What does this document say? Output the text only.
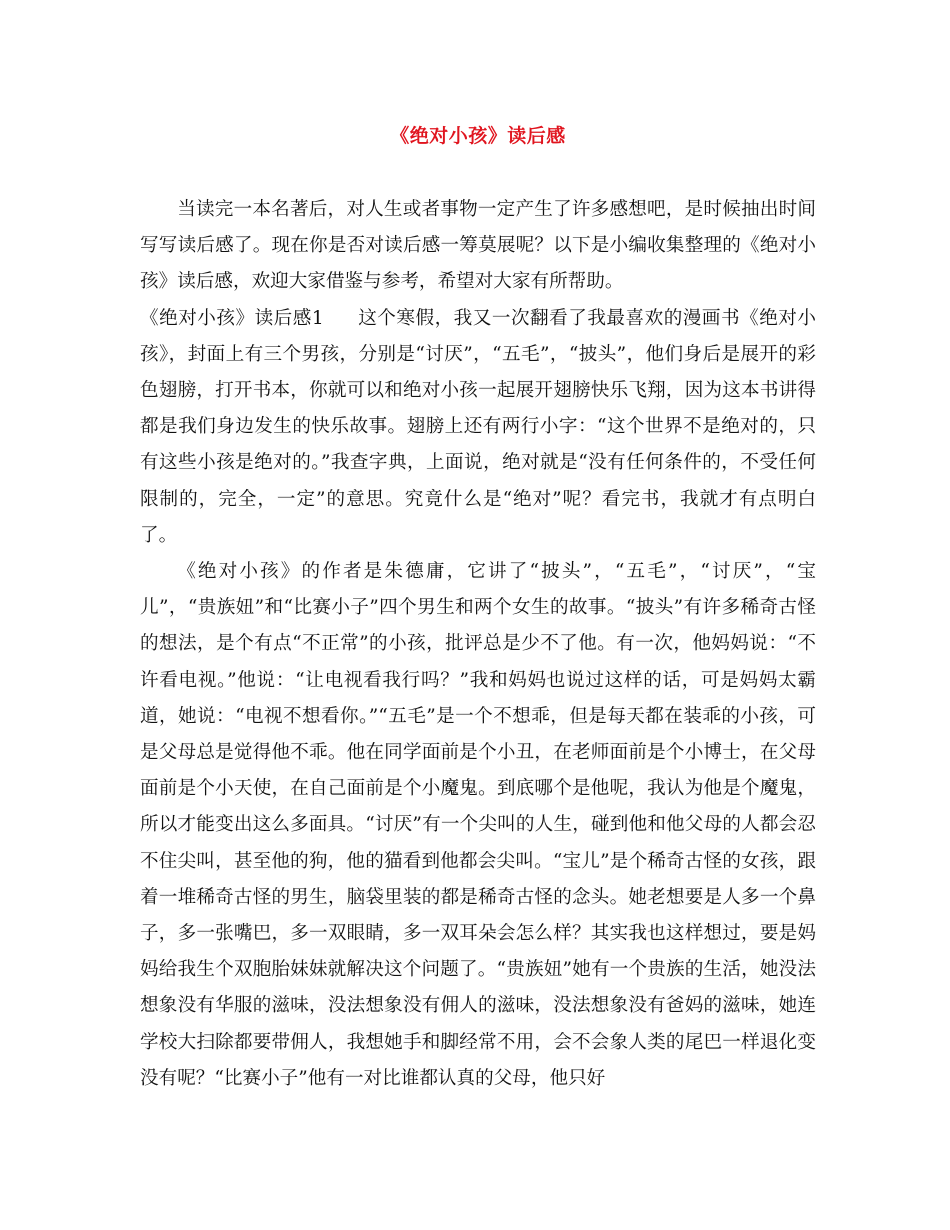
《绝对小孩》读后感

当读完一本名著后，对人生或者事物一定产生了许多感想吧，是时候抽出时间写写读后感了。现在你是否对读后感一筹莫展呢？以下是小编收集整理的《绝对小孩》读后感，欢迎大家借鉴与参考，希望对大家有所帮助。

《绝对小孩》读后感1 这个寒假，我又一次翻看了我最喜欢的漫画书《绝对小孩》，封面上有三个男孩，分别是“讨厌”，“五毛”，“披头”，他们身后是展开的彩色翅膀，打开书本，你就可以和绝对小孩一起展开翅膀快乐飞翔，因为这本书讲得都是我们身边发生的快乐故事。翅膀上还有两行小字：“这个世界不是绝对的，只有这些小孩是绝对的。”我查字典，上面说，绝对就是“没有任何条件的，不受任何限制的，完全，一定”的意思。究竟什么是“绝对”呢？看完书，我就才有点明白了。

《绝对小孩》的作者是朱德庸，它讲了“披头”，“五毛”，“讨厌”，“宝儿”，“贵族妞”和“比赛小子”四个男生和两个女生的故事。“披头”有许多稀奇古怪的想法，是个有点“不正常”的小孩，批评总是少不了他。有一次，他妈妈说：“不许看电视。”他说：“让电视看我行吗？”我和妈妈也说过这样的话，可是妈妈太霸道，她说：“电视不想看你。”“五毛”是一个不想乖，但是每天都在装乖的小孩，可是父母总是觉得他不乖。他在同学面前是个小丑，在老师面前是个小博士，在父母面前是个小天使，在自己面前是个小魔鬼。到底哪个是他呢，我认为他是个魔鬼，所以才能变出这么多面具。“讨厌”有一个尖叫的人生，碰到他和他父母的人都会忍不住尖叫，甚至他的狗，他的猫看到他都会尖叫。“宝儿”是个稀奇古怪的女孩，跟着一堆稀奇古怪的男生，脑袋里装的都是稀奇古怪的念头。她老想要是人多一个鼻子，多一张嘴巴，多一双眼睛，多一双耳朵会怎么样？其实我也这样想过，要是妈妈给我生个双胞胎妹妹就解决这个问题了。“贵族妞”她有一个贵族的生活，她没法想象没有华服的滋味，没法想象没有佣人的滋味，没法想象没有爸妈的滋味，她连学校大扫除都要带佣人，我想她手和脚经常不用，会不会象人类的尾巴一样退化变没有呢？“比赛小子”他有一对比谁都认真的父母，他只好
